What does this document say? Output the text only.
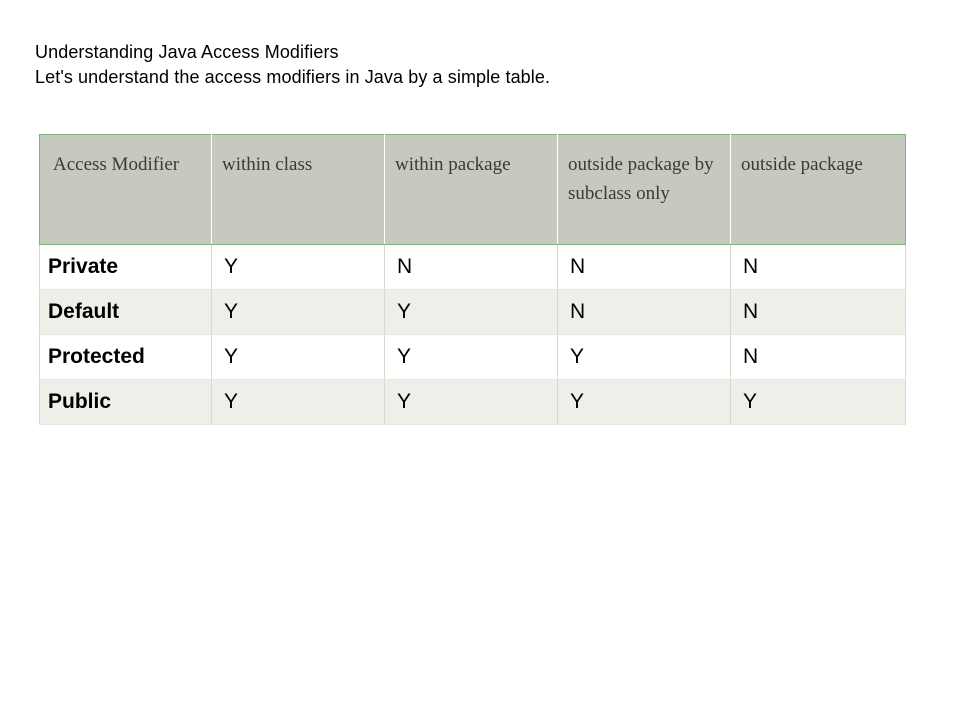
Understanding Java Access Modifiers
Let's understand the access modifiers in Java by a simple table.
Access Modifier	within class	within package	outside package by subclass only	outside package
Private	Y	N	N	N
Default	Y	Y	N	N
Protected	Y	Y	Y	N
Public	Y	Y	Y	Y
